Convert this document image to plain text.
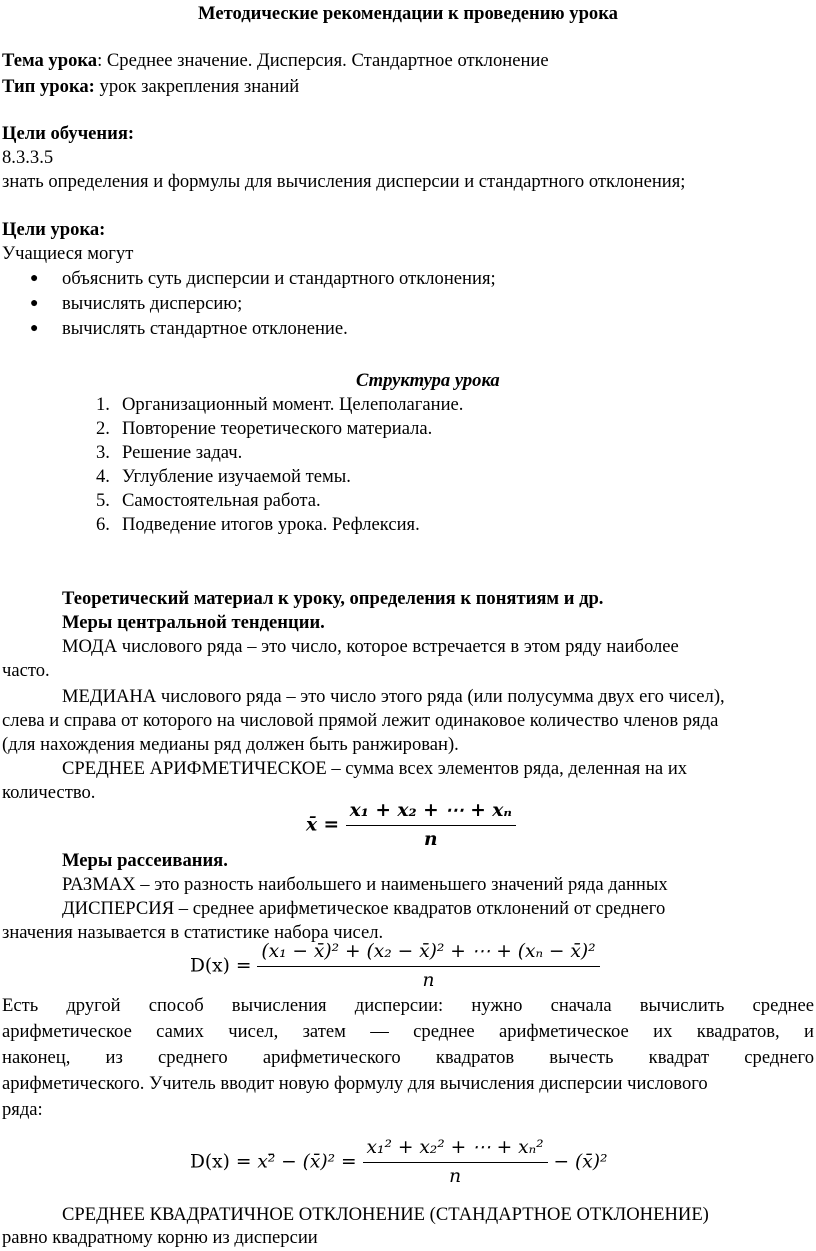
Методические рекомендации к проведению урока
Тема урока: Среднее значение. Дисперсия. Стандартное отклонение
Тип урока: урок закрепления знаний
Цели обучения:
8.3.3.5
знать определения и формулы для вычисления дисперсии и стандартного отклонения;
Цели урока:
Учащиеся могут
● объяснить суть дисперсии и стандартного отклонения;
● вычислять дисперсию;
● вычислять стандартное отклонение.
Структура урока
1. Организационный момент. Целеполагание.
2. Повторение теоретического материала.
3. Решение задач.
4. Углубление изучаемой темы.
5. Самостоятельная работа.
6. Подведение итогов урока. Рефлексия.
Теоретический материал к уроку, определения к понятиям и др.
Меры центральной тенденции.
МОДА числового ряда – это число, которое встречается в этом ряду наиболее
часто.
МЕДИАНА числового ряда – это число этого ряда (или полусумма двух его чисел),
слева и справа от которого на числовой прямой лежит одинаковое количество членов ряда
(для нахождения медианы ряд должен быть ранжирован).
СРЕДНЕЕ АРИФМЕТИЧЕСКОЕ – сумма всех элементов ряда, деленная на их
количество.
x̄ = $\frac{\text{x₁ + x₂ + ⋯ + xₙ}}{n}$
Меры рассеивания.
РАЗМАХ – это разность наибольшего и наименьшего значений ряда данных
ДИСПЕРСИЯ – среднее арифметическое квадратов отклонений от среднего
значения называется в статистике набора чисел.
$D(x) = \frac{\text{(x₁ − x̄)² + (x₂ − x̄)² + ⋯ + (xₙ − x̄)²}}{n}$
Есть другой способ вычисления дисперсии: нужно сначала вычислить среднее
арифметическое самих чисел, затем — среднее арифметическое их квадратов, и
наконец, из среднего арифметического квадратов вычесть квадрат среднего
арифметического. Учитель вводит новую формулу для вычисления дисперсии числового
ряда:
D(x) = x²̄ − (x̄)² = $\frac{\text{x₁² + x₂² + ⋯ + xₙ²}}{n}$ − (x̄)²
СРЕДНЕЕ КВАДРАТИЧНОЕ ОТКЛОНЕНИЕ (СТАНДАРТНОЕ ОТКЛОНЕНИЕ)
равно квадратному корню из дисперсии
